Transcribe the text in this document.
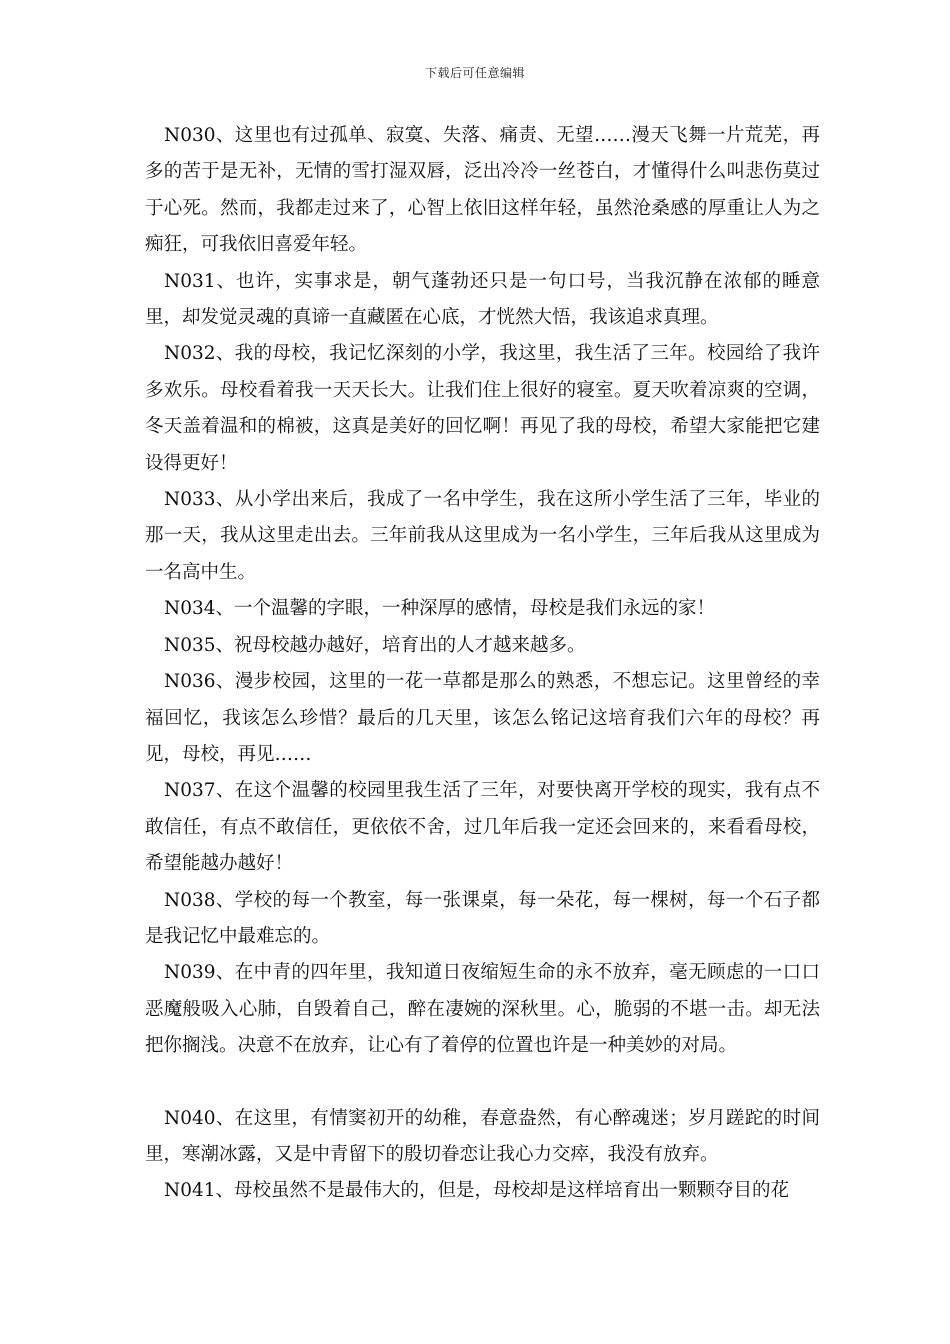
下载后可任意编辑

N030、这里也有过孤单、寂寞、失落、痛责、无望……漫天飞舞一片荒芜，再多的苦于是无补，无情的雪打湿双唇，泛出冷冷一丝苍白，才懂得什么叫悲伤莫过于心死。然而，我都走过来了，心智上依旧这样年轻，虽然沧桑感的厚重让人为之痴狂，可我依旧喜爱年轻。

N031、也许，实事求是，朝气蓬勃还只是一句口号，当我沉静在浓郁的睡意里，却发觉灵魂的真谛一直藏匿在心底，才恍然大悟，我该追求真理。

N032、我的母校，我记忆深刻的小学，我这里，我生活了三年。校园给了我许多欢乐。母校看着我一天天长大。让我们住上很好的寝室。夏天吹着凉爽的空调，冬天盖着温和的棉被，这真是美好的回忆啊！再见了我的母校，希望大家能把它建设得更好！

N033、从小学出来后，我成了一名中学生，我在这所小学生活了三年，毕业的那一天，我从这里走出去。三年前我从这里成为一名小学生，三年后我从这里成为一名高中生。

N034、一个温馨的字眼，一种深厚的感情，母校是我们永远的家！

N035、祝母校越办越好，培育出的人才越来越多。

N036、漫步校园，这里的一花一草都是那么的熟悉，不想忘记。这里曾经的幸福回忆，我该怎么珍惜？最后的几天里，该怎么铭记这培育我们六年的母校？再见，母校，再见……

N037、在这个温馨的校园里我生活了三年，对要快离开学校的现实，我有点不敢信任，有点不敢信任，更依依不舍，过几年后我一定还会回来的，来看看母校，希望能越办越好！

N038、学校的每一个教室，每一张课桌，每一朵花，每一棵树，每一个石子都是我记忆中最难忘的。

N039、在中青的四年里，我知道日夜缩短生命的永不放弃，毫无顾虑的一口口恶魔般吸入心肺，自毁着自己，醉在凄婉的深秋里。心，脆弱的不堪一击。却无法把你搁浅。决意不在放弃，让心有了着停的位置也许是一种美妙的对局。

N040、在这里，有情窦初开的幼稚，春意盎然，有心醉魂迷；岁月蹉跎的时间里，寒潮冰露，又是中青留下的殷切眷恋让我心力交瘁，我没有放弃。

N041、母校虽然不是最伟大的，但是，母校却是这样培育出一颗颗夺目的花
